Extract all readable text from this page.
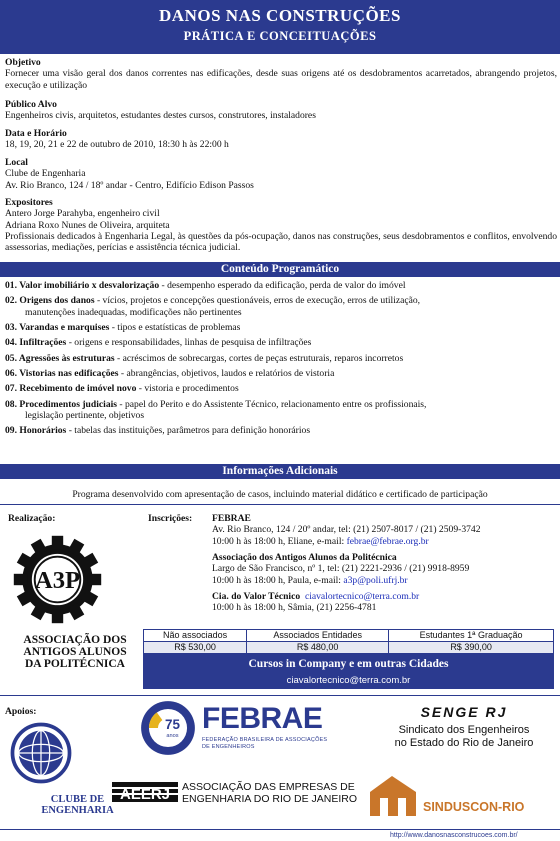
DANOS NAS CONSTRUÇÕES
PRÁTICA E CONCEITUAÇÕES
Objetivo

Fornecer uma visão geral dos danos correntes nas edificações, desde suas origens até os desdobramentos acarretados, abrangendo projetos, execução e utilização

Público Alvo
Engenheiros civis, arquitetos, estudantes destes cursos, construtores, instaladores
Data e Horário
18, 19, 20, 21 e 22 de outubro de 2010, 18:30 h às 22:00 h
Local
Clube de Engenharia
Av. Rio Branco, 124 / 18º andar - Centro, Edifício Edison Passos
Expositores
Antero Jorge Parahyba, engenheiro civil
Adriana Roxo Nunes de Oliveira, arquiteta

Profissionais dedicados à Engenharia Legal, às questões da pós-ocupação, danos nas construções, seus desdobramentos e conflitos, envolvendo assessorias, mediações, perícias e assistência técnica judicial.

Conteúdo Programático
01. Valor imobiliário x desvalorização - desempenho esperado da edificação, perda de valor do imóvel
02. Origens dos danos - vícios, projetos e concepções questionáveis, erros de execução, erros de utilização,
manutenções inadequadas, modificações não pertinentes
03. Varandas e marquises - tipos e estatísticas de problemas
04. Infiltrações - origens e responsabilidades, linhas de pesquisa de infiltrações
05. Agressões às estruturas - acréscimos de sobrecargas, cortes de peças estruturais, reparos incorretos
06. Vistorias nas edificações - abrangências, objetivos, laudos e relatórios de vistoria
07. Recebimento de imóvel novo - vistoria e procedimentos
08. Procedimentos judiciais - papel do Perito e do Assistente Técnico, relacionamento entre os profissionais,
legislação pertinente, objetivos
09. Honorários - tabelas das instituições, parâmetros para definição honorários
Informações Adicionais
Programa desenvolvido com apresentação de casos, incluindo material didático e certificado de participação
Realização:
A3P
ASSOCIAÇÃO DOS
ANTIGOS ALUNOS
DA POLITÉCNICA
Inscrições: FEBRAE
Av. Rio Branco, 124 / 20º andar, tel: (21) 2507-8017 / (21) 2509-3742
10:00 h às 18:00 h, Eliane, e-mail: febrae@febrae.org.br
Associação dos Antigos Alunos da Politécnica
Largo de São Francisco, nº 1, tel: (21) 2221-2936 / (21) 9918-8959
10:00 h às 18:00 h, Paula, e-mail: a3p@poli.ufrj.br
Cia. do Valor Técnico ciavalortecnico@terra.com.br
10:00 h às 18:00 h, Sâmia, (21) 2256-4781
Não associados	Associados Entidades	Estudantes 1ª Graduação
R$ 530,00	R$ 480,00	R$ 390,00
Cursos in Company e em outras Cidades
ciavalortecnico@terra.com.br
Apoios:
CLUBE DE
ENGENHARIA
75
anos
FEBRAE
FEDERAÇÃO BRASILEIRA DE ASSOCIAÇÕES DE ENGENHEIROS
SENGE RJ
Sindicato dos Engenheiros
no Estado do Rio de Janeiro
AEERJ ASSOCIAÇÃO DAS EMPRESAS DE
ENGENHARIA DO RIO DE JANEIRO
SINDUSCON-RIO
http://www.danosnasconstrucoes.com.br/
